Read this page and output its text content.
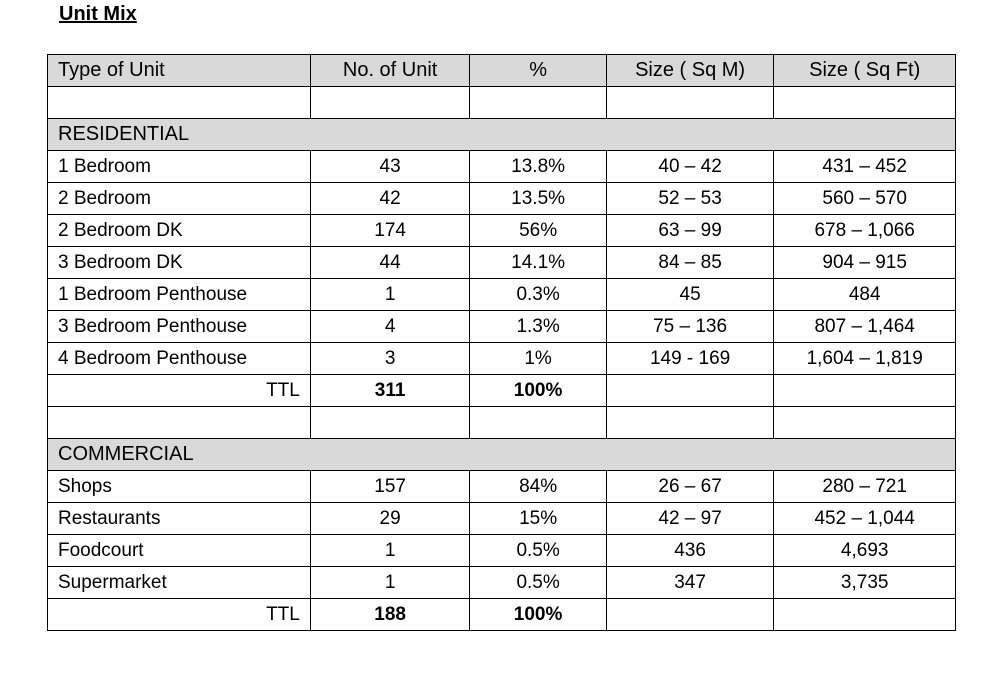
Unit Mix
Type of Unit	No. of Unit	%	Size ( Sq M)	Size ( Sq Ft)

RESIDENTIAL				
1 Bedroom	43	13.8%	40 – 42	431 – 452
2 Bedroom	42	13.5%	52 – 53	560 – 570
2 Bedroom DK	174	56%	63 – 99	678 – 1,066
3 Bedroom DK	44	14.1%	84 – 85	904 – 915
1 Bedroom Penthouse	1	0.3%	45	484
3 Bedroom Penthouse	4	1.3%	75 – 136	807 – 1,464
4 Bedroom Penthouse	3	1%	149 - 169	1,604 – 1,819
TTL	311	100%		

COMMERCIAL				
Shops	157	84%	26 – 67	280 – 721
Restaurants	29	15%	42 – 97	452 – 1,044
Foodcourt	1	0.5%	436	4,693
Supermarket	1	0.5%	347	3,735
TTL	188	100%		
